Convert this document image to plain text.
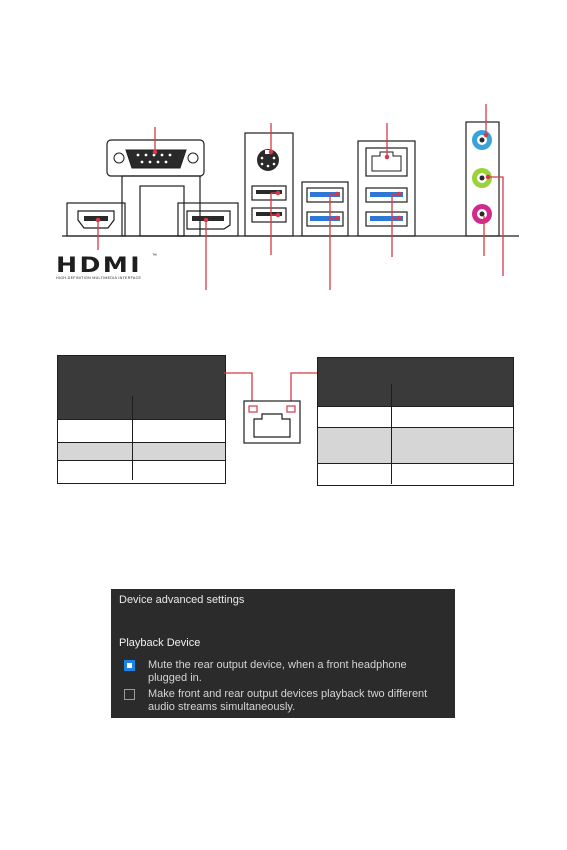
HDMI ™
HIGH-DEFINITION MULTIMEDIA INTERFACE
Device advanced settings
Playback Device
Mute the rear output device, when a front headphone plugged in.
Make front and rear output devices playback two different audio streams simultaneously.
